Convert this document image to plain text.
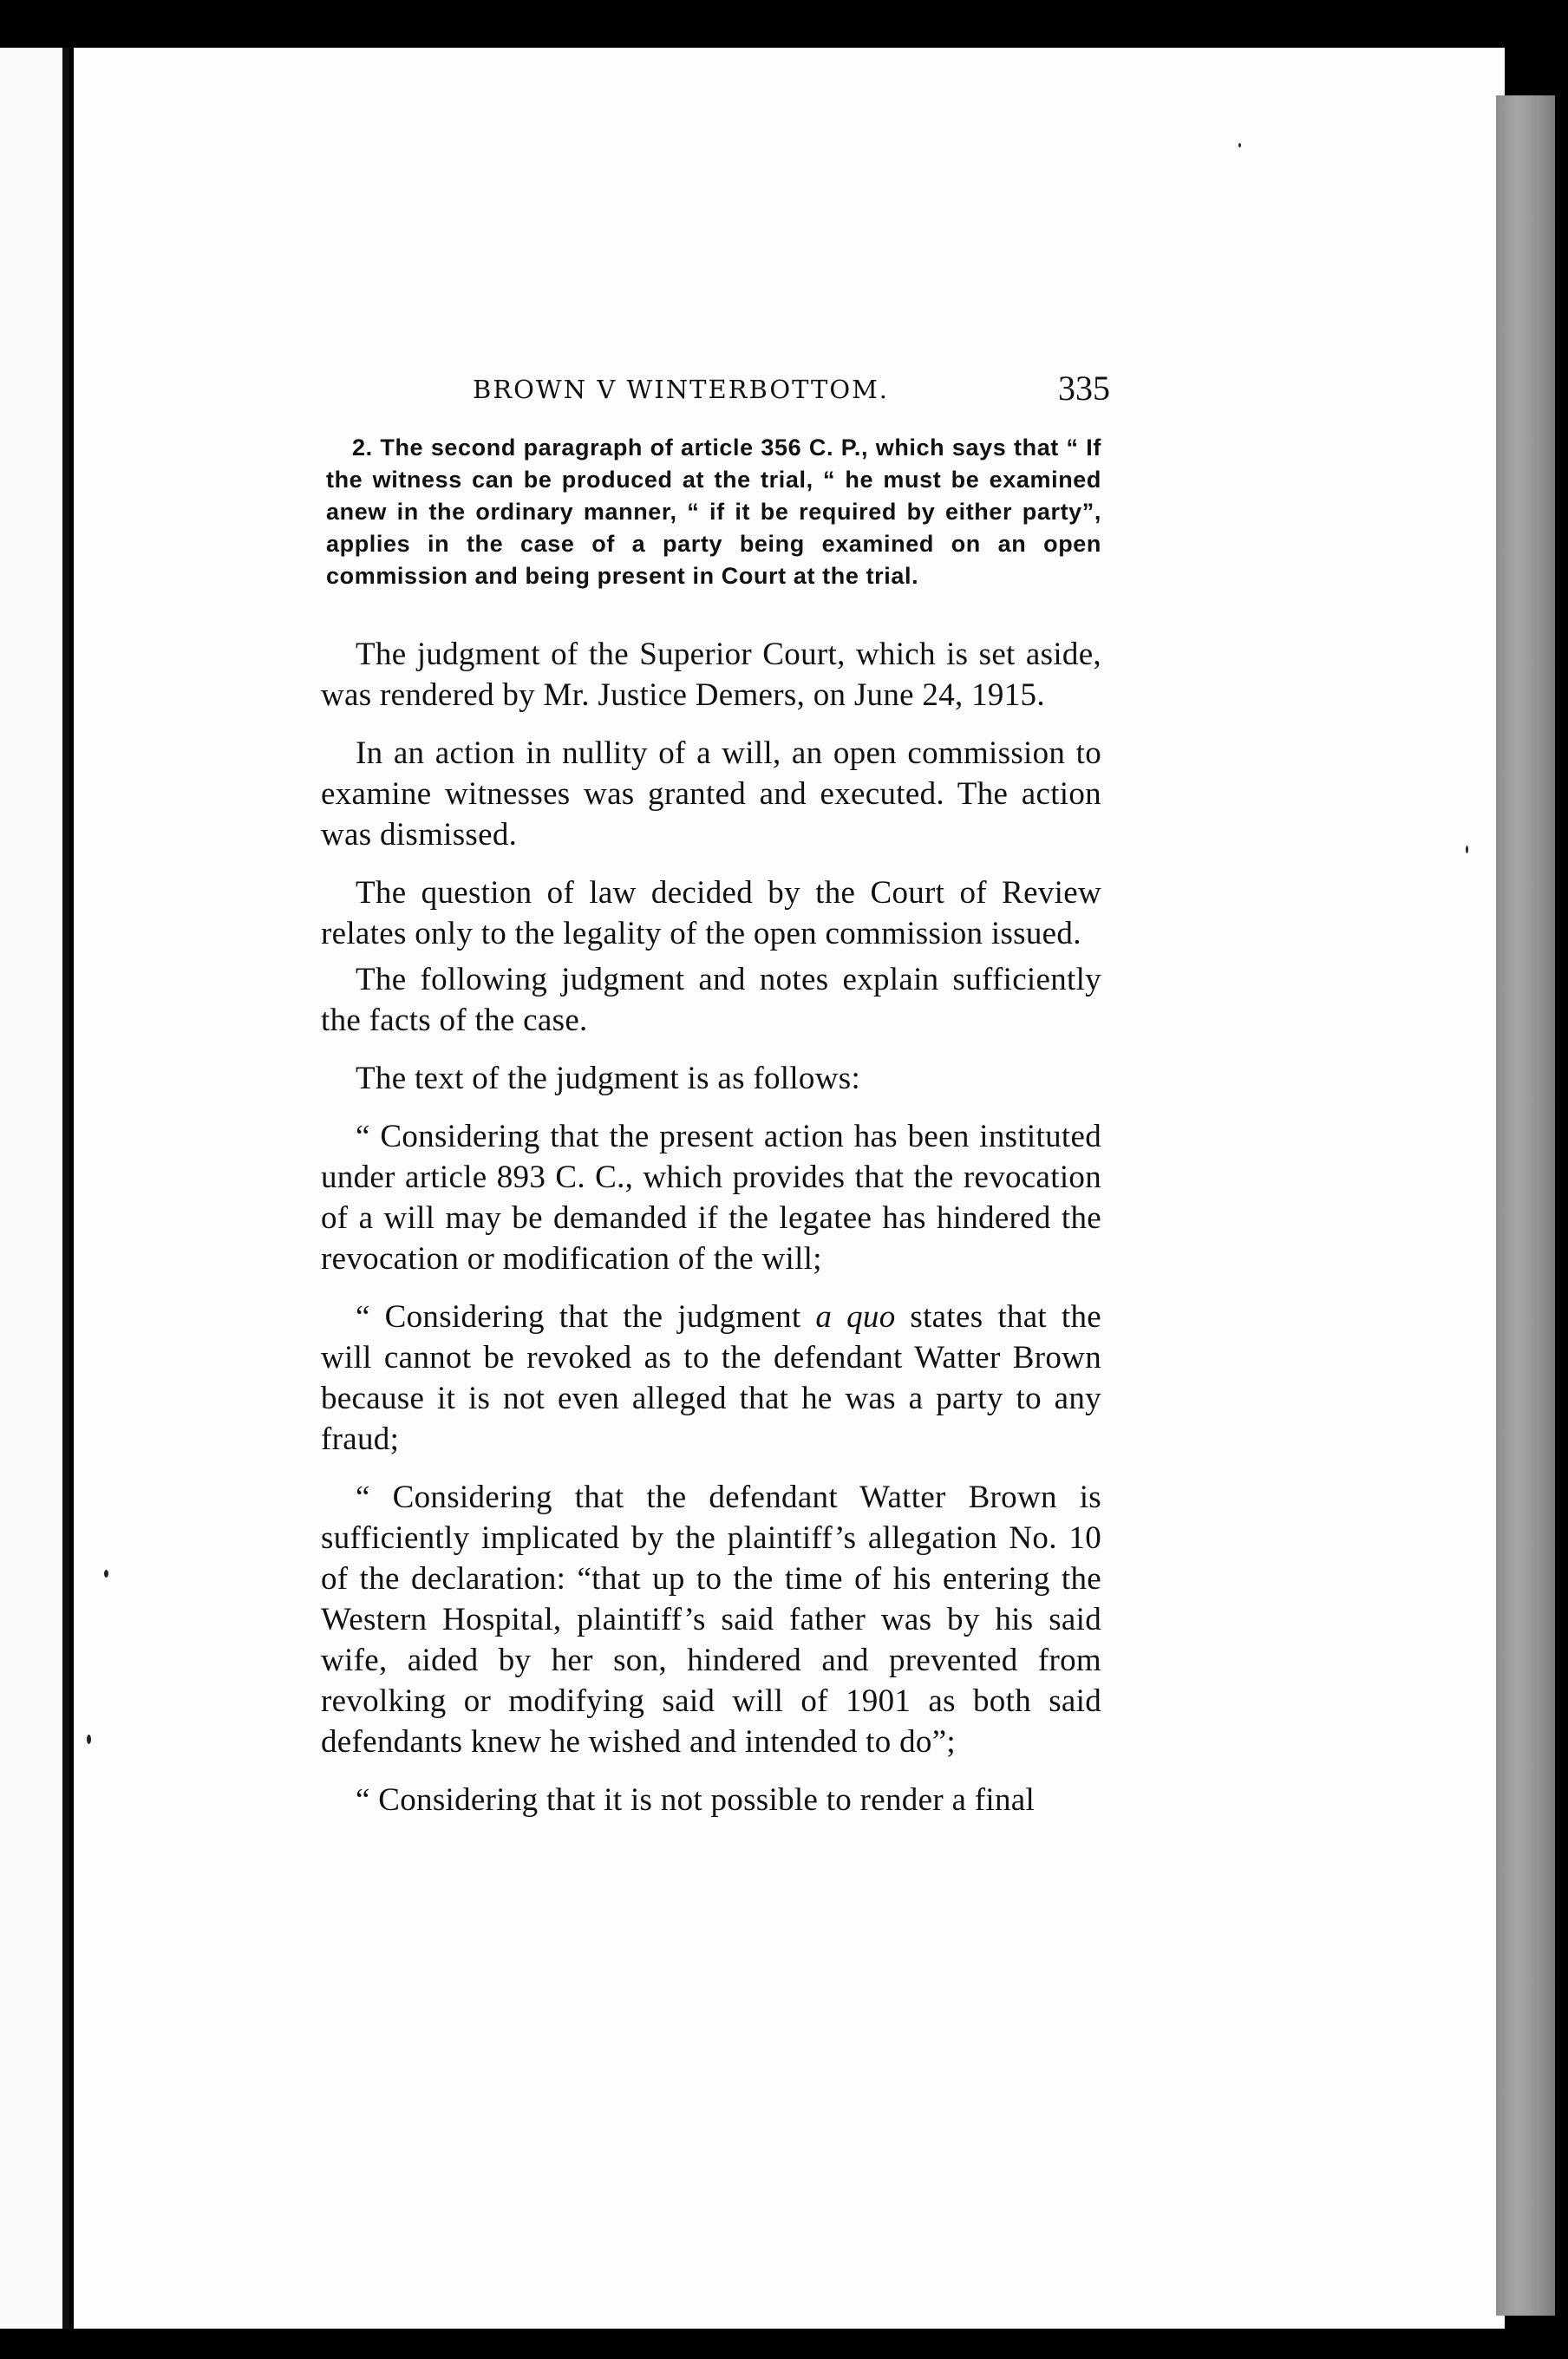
BROWN V WINTERBOTTOM.	335

2. The second paragraph of article 356 C. P., which says that “ If the witness can be produced at the trial, “ he must be examined anew in the ordinary manner, “ if it be required by either party”, applies in the case of a party being examined on an open commission and being present in Court at the trial.

The judgment of the Superior Court, which is set aside, was rendered by Mr. Justice Demers, on June 24, 1915.

In an action in nullity of a will, an open commission to examine witnesses was granted and executed. The action was dismissed.

The question of law decided by the Court of Review relates only to the legality of the open commission issued.

The following judgment and notes explain sufficiently the facts of the case.

The text of the judgment is as follows:

“ Considering that the present action has been instituted under article 893 C. C., which provides that the revocation of a will may be demanded if the legatee has hindered the revocation or modification of the will;

“ Considering that the judgment a quo states that the will cannot be revoked as to the defendant Watter Brown because it is not even alleged that he was a party to any fraud;

“ Considering that the defendant Watter Brown is sufficiently implicated by the plaintiff’s allegation No. 10 of the declaration: “that up to the time of his entering the Western Hospital, plaintiff’s said father was by his said wife, aided by her son, hindered and prevented from revolking or modifying said will of 1901 as both said defendants knew he wished and intended to do”;

“ Considering that it is not possible to render a final
